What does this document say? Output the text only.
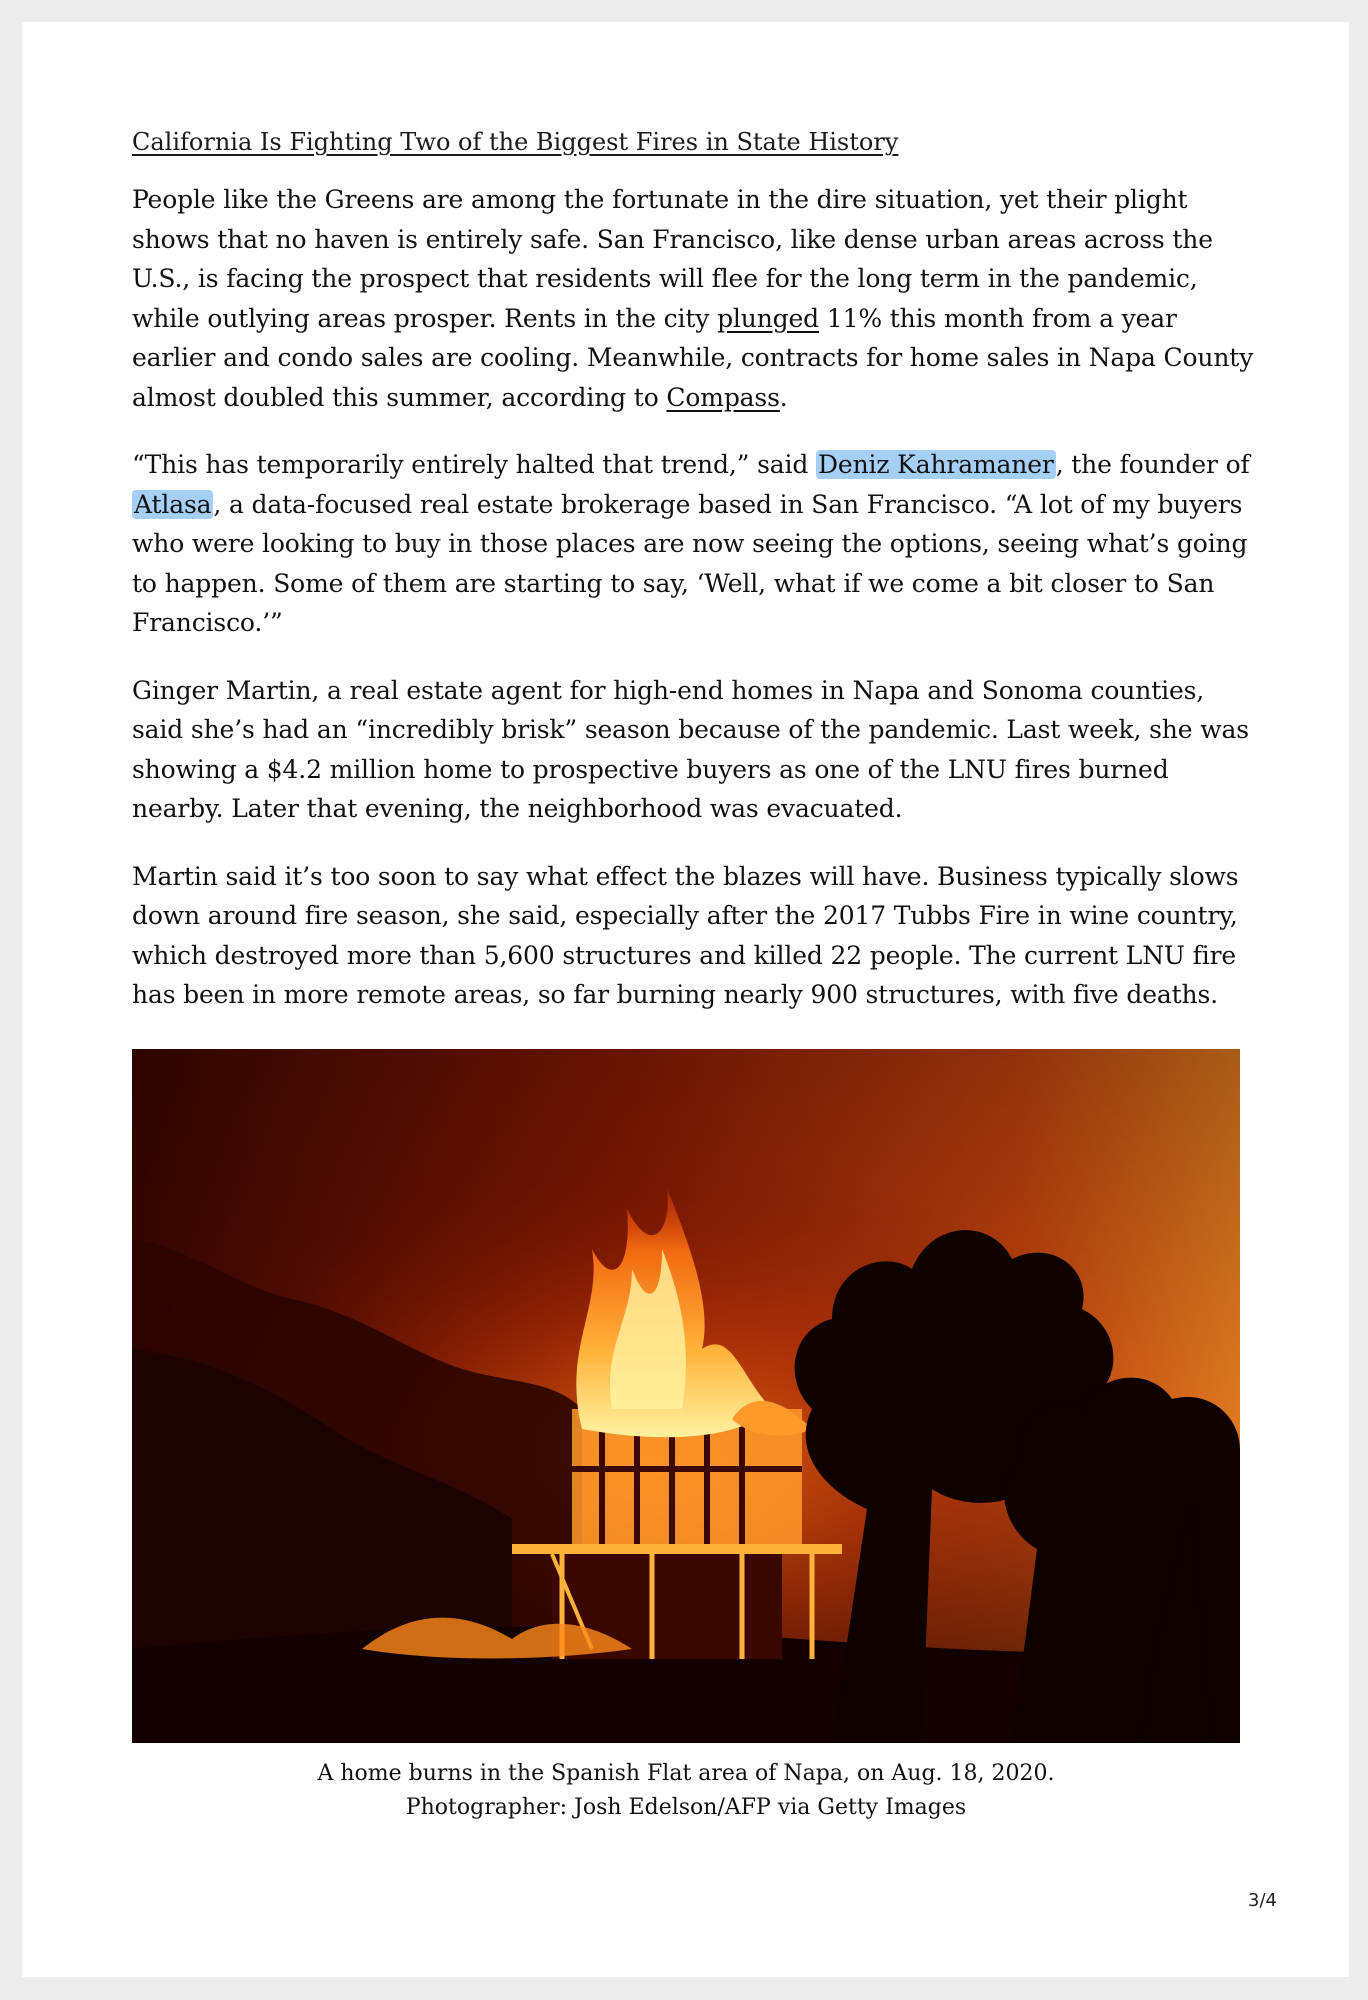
California Is Fighting Two of the Biggest Fires in State History

People like the Greens are among the fortunate in the dire situation, yet their plight shows that no haven is entirely safe. San Francisco, like dense urban areas across the U.S., is facing the prospect that residents will flee for the long term in the pandemic, while outlying areas prosper. Rents in the city plunged 11% this month from a year earlier and condo sales are cooling. Meanwhile, contracts for home sales in Napa County almost doubled this summer, according to Compass.

“This has temporarily entirely halted that trend,” said Deniz Kahramaner, the founder of Atlasa, a data-focused real estate brokerage based in San Francisco. “A lot of my buyers who were looking to buy in those places are now seeing the options, seeing what’s going to happen. Some of them are starting to say, ‘Well, what if we come a bit closer to San Francisco.’”

Ginger Martin, a real estate agent for high-end homes in Napa and Sonoma counties, said she’s had an “incredibly brisk” season because of the pandemic. Last week, she was showing a $4.2 million home to prospective buyers as one of the LNU fires burned nearby. Later that evening, the neighborhood was evacuated.

Martin said it’s too soon to say what effect the blazes will have. Business typically slows down around fire season, she said, especially after the 2017 Tubbs Fire in wine country, which destroyed more than 5,600 structures and killed 22 people. The current LNU fire has been in more remote areas, so far burning nearly 900 structures, with five deaths.

A home burns in the Spanish Flat area of Napa, on Aug. 18, 2020.
Photographer: Josh Edelson/AFP via Getty Images
3/4
